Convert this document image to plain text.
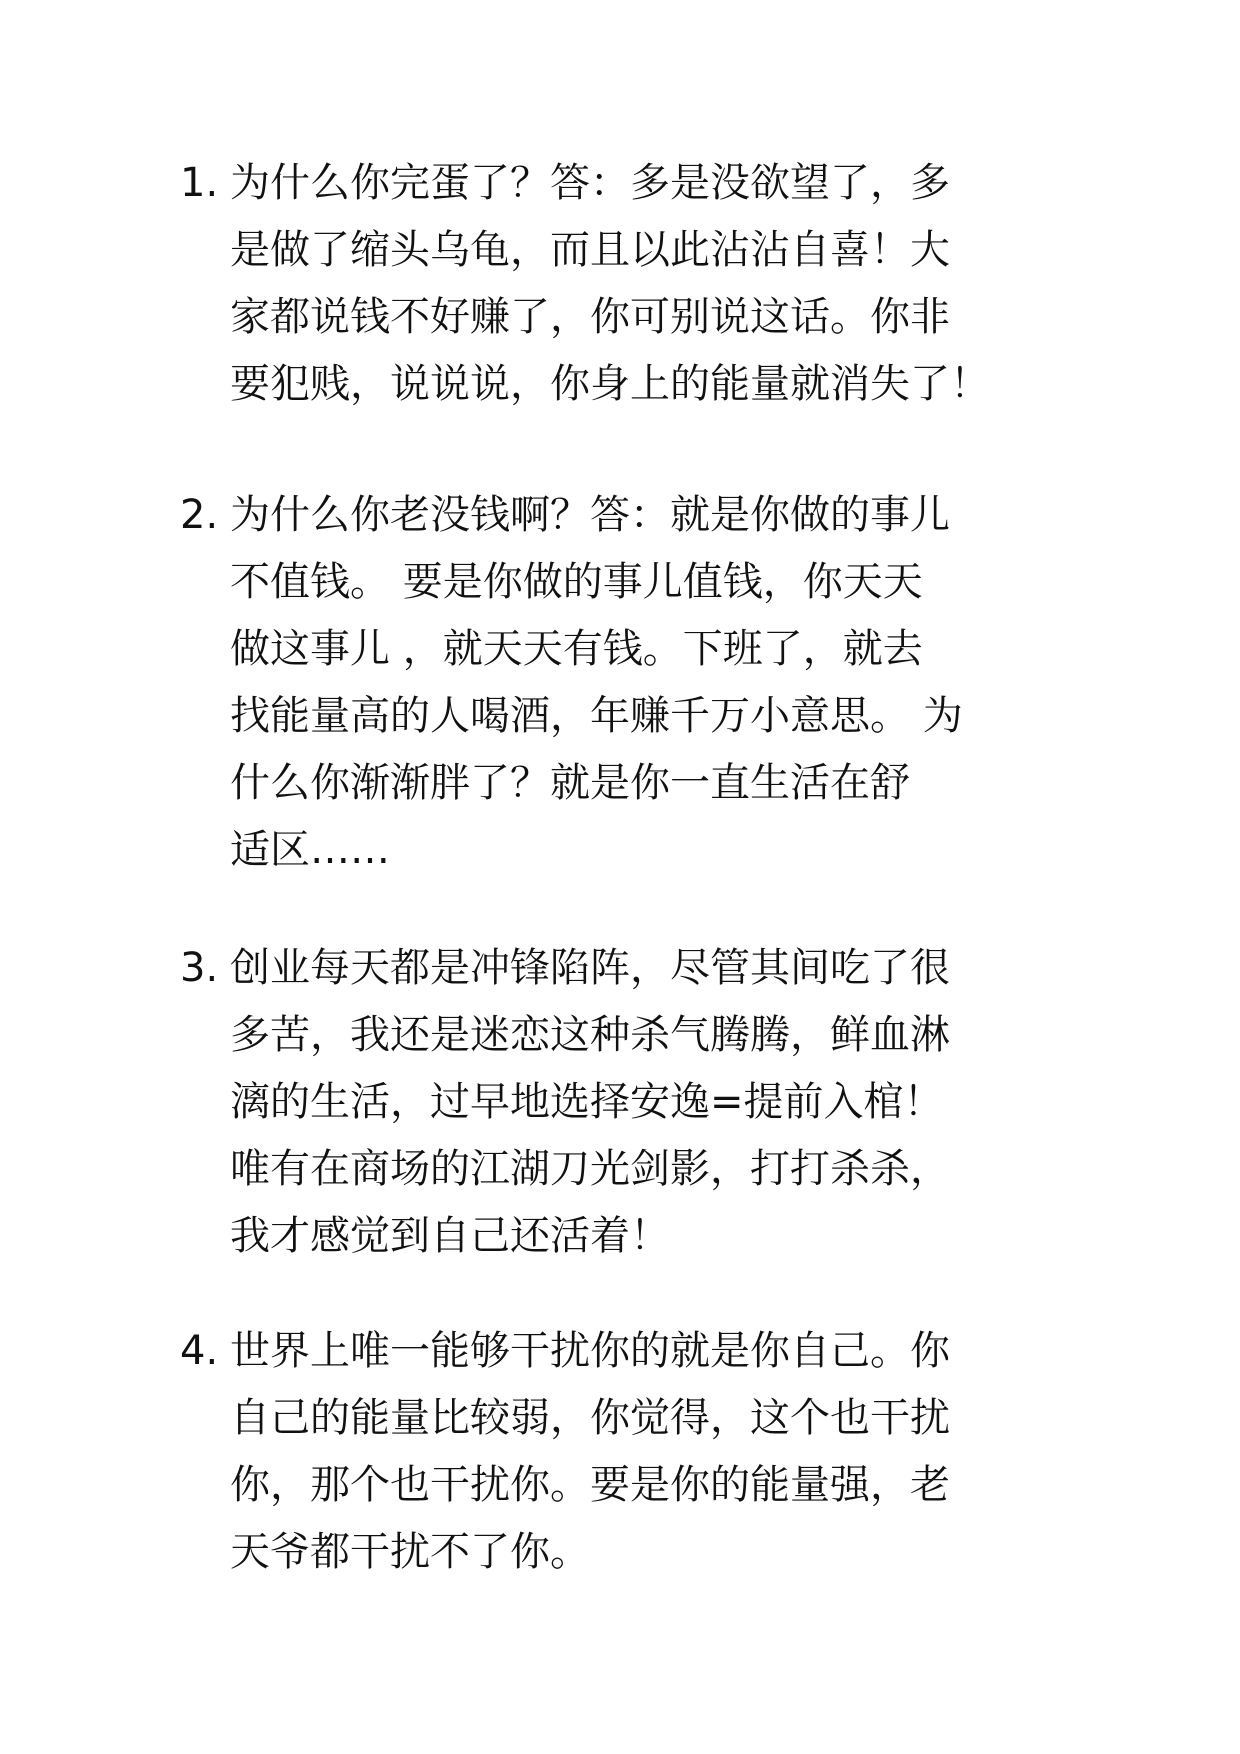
1. 为什么你完蛋了？答：多是没欲望了，多
是做了缩头乌龟，而且以此沾沾自喜！大
家都说钱不好赚了，你可别说这话。你非
要犯贱，说说说，你身上的能量就消失了！
2. 为什么你老没钱啊？答：就是你做的事儿
不值钱。 要是你做的事儿值钱，你天天
做这事儿 ，就天天有钱。下班了，就去
找能量高的人喝酒，年赚千万小意思。 为
什么你渐渐胖了？就是你一直生活在舒
适区……
3. 创业每天都是冲锋陷阵，尽管其间吃了很
多苦，我还是迷恋这种杀气腾腾，鲜血淋
漓的生活，过早地选择安逸=提前入棺！
唯有在商场的江湖刀光剑影，打打杀杀，
我才感觉到自己还活着！
4. 世界上唯一能够干扰你的就是你自己。你
自己的能量比较弱，你觉得，这个也干扰
你，那个也干扰你。要是你的能量强，老
天爷都干扰不了你。
